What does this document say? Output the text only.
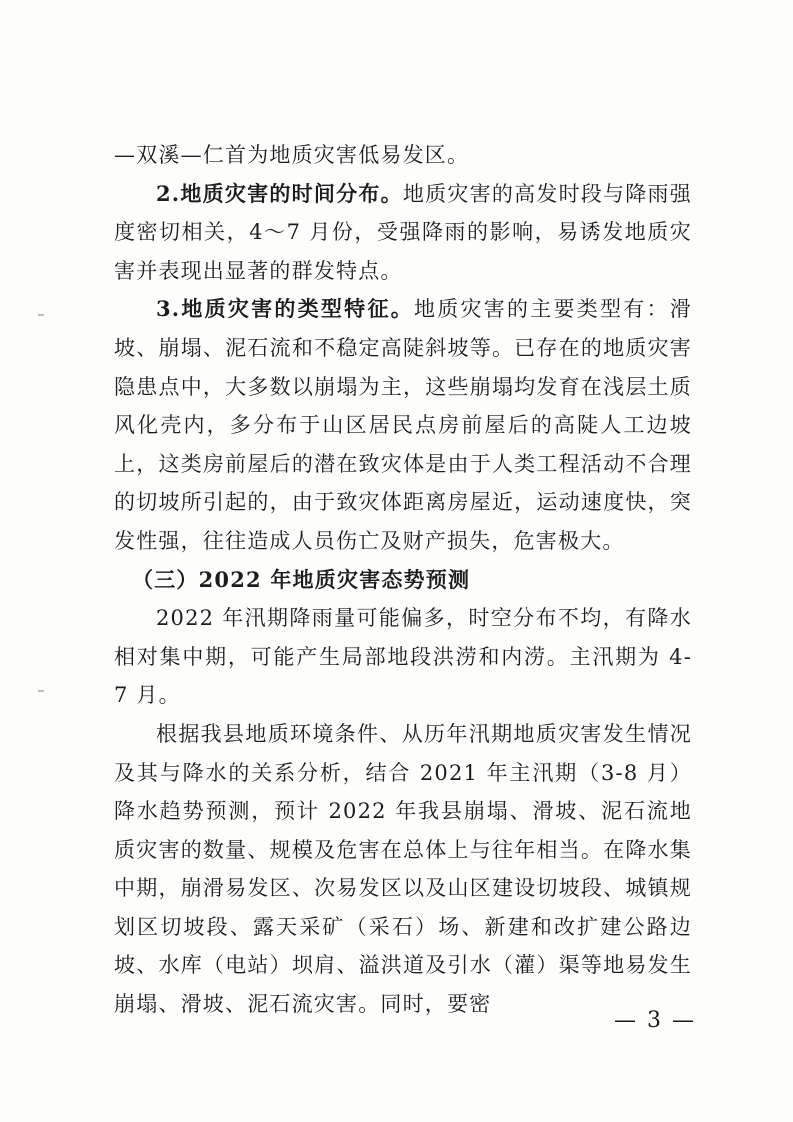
—双溪—仁首为地质灾害低易发区。

2.地质灾害的时间分布。地质灾害的高发时段与降雨强度密切相关，4～7 月份，受强降雨的影响，易诱发地质灾害并表现出显著的群发特点。

3.地质灾害的类型特征。地质灾害的主要类型有：滑坡、崩塌、泥石流和不稳定高陡斜坡等。已存在的地质灾害隐患点中，大多数以崩塌为主，这些崩塌均发育在浅层土质风化壳内，多分布于山区居民点房前屋后的高陡人工边坡上，这类房前屋后的潜在致灾体是由于人类工程活动不合理的切坡所引起的，由于致灾体距离房屋近，运动速度快，突发性强，往往造成人员伤亡及财产损失，危害极大。

（三）2022 年地质灾害态势预测

2022 年汛期降雨量可能偏多，时空分布不均，有降水相对集中期，可能产生局部地段洪涝和内涝。主汛期为 4-7 月。

根据我县地质环境条件、从历年汛期地质灾害发生情况及其与降水的关系分析，结合 2021 年主汛期（3-8 月）降水趋势预测，预计 2022 年我县崩塌、滑坡、泥石流地质灾害的数量、规模及危害在总体上与往年相当。在降水集中期，崩滑易发区、次易发区以及山区建设切坡段、城镇规划区切坡段、露天采矿（采石）场、新建和改扩建公路边坡、水库（电站）坝肩、溢洪道及引水（灌）渠等地易发生崩塌、滑坡、泥石流灾害。同时，要密

— 3 —
